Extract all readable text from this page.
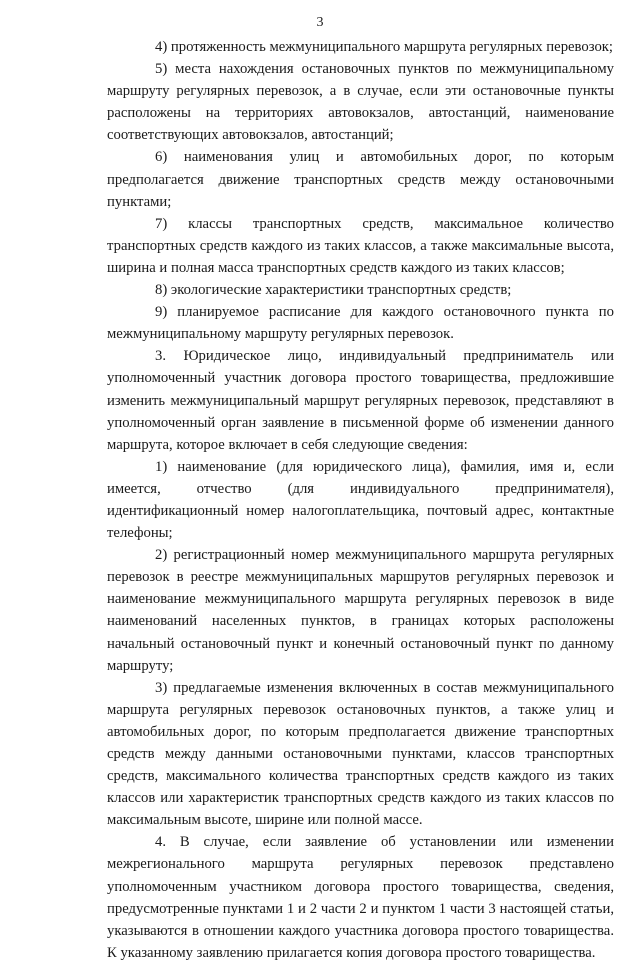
3

4) протяженность межмуниципального маршрута регулярных перевозок;

5) места нахождения остановочных пунктов по межмуниципальному маршруту регулярных перевозок, а в случае, если эти остановочные пункты расположены на территориях автовокзалов, автостанций, наименование соответствующих автовокзалов, автостанций;

6) наименования улиц и автомобильных дорог, по которым предполагается движение транспортных средств между остановочными пунктами;

7) классы транспортных средств, максимальное количество транспортных средств каждого из таких классов, а также максимальные высота, ширина и полная масса транспортных средств каждого из таких классов;

8) экологические характеристики транспортных средств;

9) планируемое расписание для каждого остановочного пункта по межмуниципальному маршруту регулярных перевозок.

3. Юридическое лицо, индивидуальный предприниматель или уполномоченный участник договора простого товарищества, предложившие изменить межмуниципальный маршрут регулярных перевозок, представляют в уполномоченный орган заявление в письменной форме об изменении данного маршрута, которое включает в себя следующие сведения:

1) наименование (для юридического лица), фамилия, имя и, если имеется, отчество (для индивидуального предпринимателя), идентификационный номер налогоплательщика, почтовый адрес, контактные телефоны;

2) регистрационный номер межмуниципального маршрута регулярных перевозок в реестре межмуниципальных маршрутов регулярных перевозок и наименование межмуниципального маршрута регулярных перевозок в виде наименований населенных пунктов, в границах которых расположены начальный остановочный пункт и конечный остановочный пункт по данному маршруту;

3) предлагаемые изменения включенных в состав межмуниципального маршрута регулярных перевозок остановочных пунктов, а также улиц и автомобильных дорог, по которым предполагается движение транспортных средств между данными остановочными пунктами, классов транспортных средств, максимального количества транспортных средств каждого из таких классов или характеристик транспортных средств каждого из таких классов по максимальным высоте, ширине или полной массе.

4. В случае, если заявление об установлении или изменении межрегионального маршрута регулярных перевозок представлено уполномоченным участником договора простого товарищества, сведения, предусмотренные пунктами 1 и 2 части 2 и пунктом 1 части 3 настоящей статьи, указываются в отношении каждого участника договора простого товарищества. К указанному заявлению прилагается копия договора простого товарищества.
